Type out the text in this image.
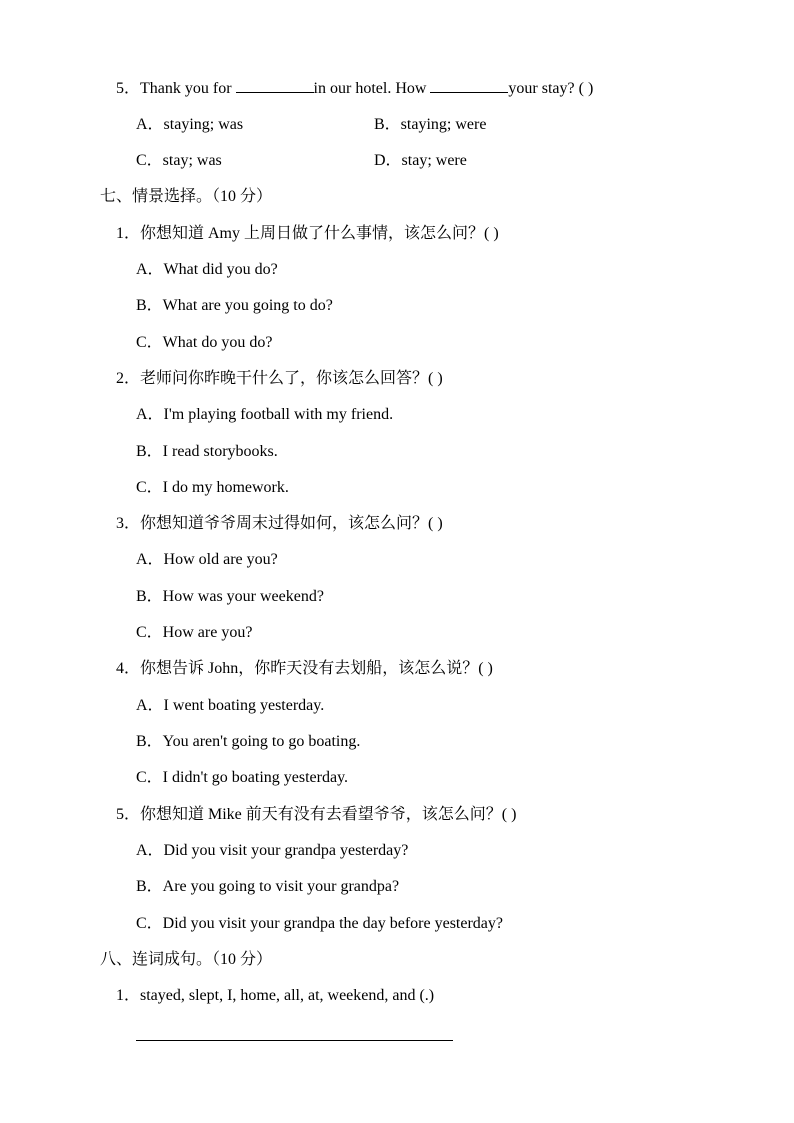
5．Thank you for	in our hotel. How	your stay? ( )
A．staying; was	B．staying; were
C．stay; was	D．stay; were
七、情景选择。（10 分）
1．你想知道 Amy 上周日做了什么事情，该怎么问？( )
A．What did you do?
B．What are you going to do?
C．What do you do?
2．老师问你昨晚干什么了，你该怎么回答？( )
A．I'm playing football with my friend.
B．I read storybooks.
C．I do my homework.
3．你想知道爷爷周末过得如何，该怎么问？( )
A．How old are you?
B．How was your weekend?
C．How are you?
4．你想告诉 John，你昨天没有去划船，该怎么说？( )
A．I went boating yesterday.
B．You aren't going to go boating.
C．I didn't go boating yesterday.
5．你想知道 Mike 前天有没有去看望爷爷，该怎么问？( )
A．Did you visit your grandpa yesterday?
B．Are you going to visit your grandpa?
C．Did you visit your grandpa the day before yesterday?
八、连词成句。（10 分）
1．stayed, slept, I, home, all, at, weekend, and (.)
